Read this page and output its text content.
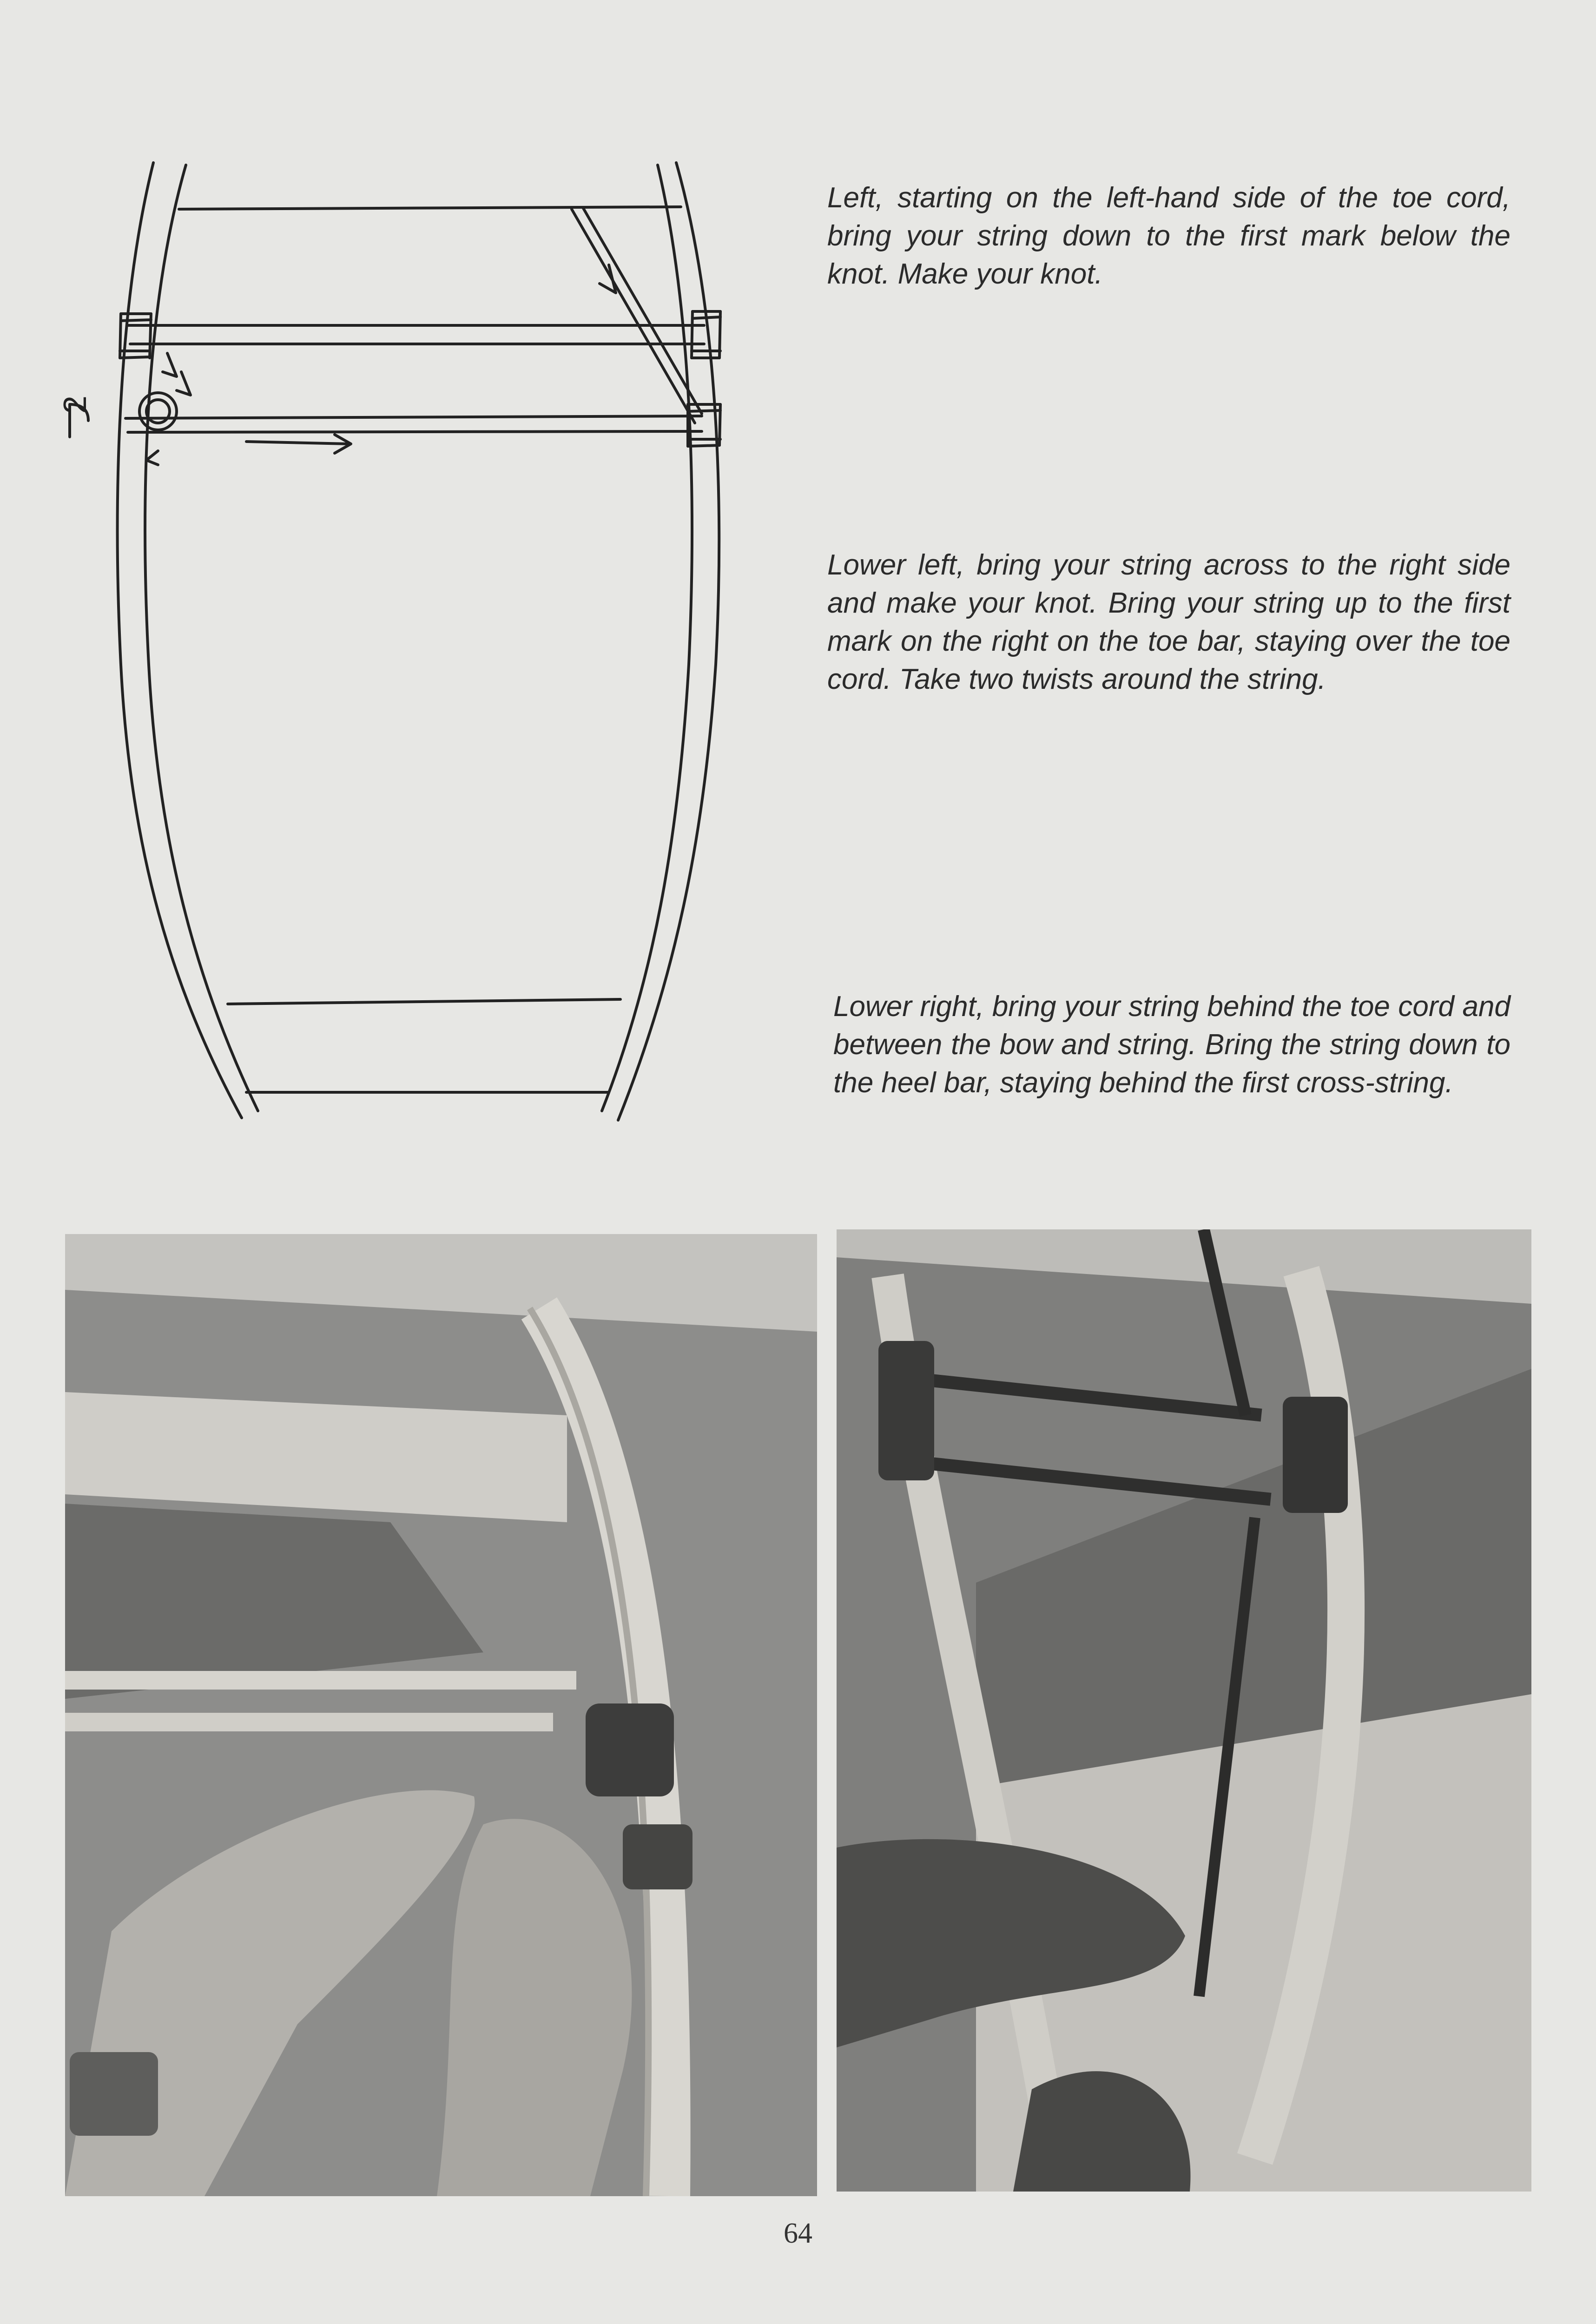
Left, starting on the left-hand side of the toe cord, bring your string down to the first mark below the knot. Make your knot.

Lower left, bring your string across to the right side and make your knot. Bring your string up to the first mark on the right on the toe bar, staying over the toe cord. Take two twists around the string.

Lower right, bring your string behind the toe cord and between the bow and string. Bring the string down to the heel bar, staying behind the first cross-string.

2
64
